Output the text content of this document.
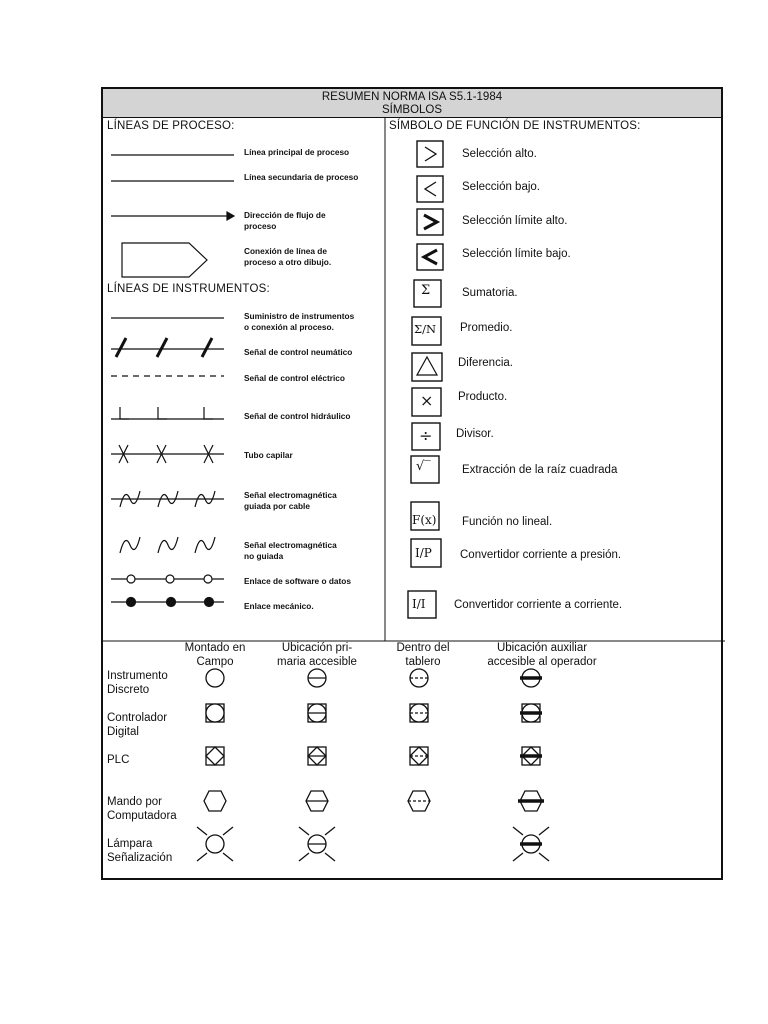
RESUMEN NORMA ISA S5.1-1984
SÍMBOLOS
LÍNEAS DE PROCESO:
LÍNEAS DE INSTRUMENTOS:
SÍMBOLO DE FUNCIÓN DE INSTRUMENTOS:
Línea principal de proceso
Línea secundaria de proceso
Dirección de flujo de
proceso
Conexión de línea de
proceso a otro dibujo.
Suministro de instrumentos
o conexión al proceso.
Señal de control neumático
Señal de control eléctrico
Señal de control hidráulico
Tubo capilar
Señal electromagnética
guiada por cable
Señal electromagnética
no guiada
Enlace de software o datos
Enlace mecánico.
Σ
Σ/N
×
÷
√‾
F(x)
I/P
I/I
Selección alto.
Selección bajo.
Selección límite alto.
Selección límite bajo.
Sumatoria.
Promedio.
Diferencia.
Producto.
Divisor.
Extracción de la raíz cuadrada
Función no lineal.
Convertidor corriente a presión.
Convertidor corriente a corriente.
Montado en
Campo
Ubicación pri-
maria accesible
Dentro del
tablero
Ubicación auxiliar
accesible al operador
Instrumento
Discreto
Controlador
Digital
PLC
Mando por
Computadora
Lámpara
Señalización
